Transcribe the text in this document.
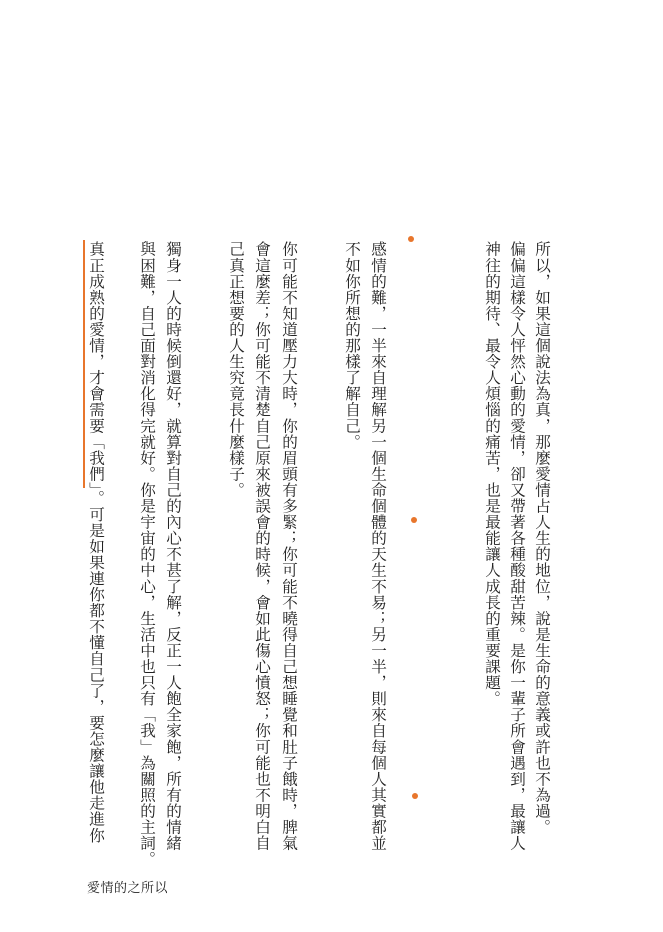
所以，如果這個說法為真，那麼愛情占人生的地位，說是生命的意義或許也不為過。

偏偏這樣令人怦然心動的愛情，卻又帶著各種酸甜苦辣。是你一輩子所會遇到，最讓人

神往的期待、最令人煩惱的痛苦，也是最能讓人成長的重要課題。

感情的難，一半來自理解另一個生命個體的天生不易；另一半，則來自每個人其實都並

不如你所想的那樣了解自己。

你可能不知道壓力大時，你的眉頭有多緊；你可能不曉得自己想睡覺和肚子餓時，脾氣

會這麼差；你可能不清楚自己原來被誤會的時候，會如此傷心憤怒；你可能也不明白自

己真正想要的人生究竟長什麼樣子。

獨身一人的時候倒還好，就算對自己的內心不甚了解，反正一人飽全家飽，所有的情緒

與困難，自己面對消化得完就好。你是宇宙的中心，生活中也只有「我」為關照的主詞。

真正成熟的愛情，才會需要「我們」。可是如果連你都不懂自己了，要怎麼讓他走進你

愛情的之所以
